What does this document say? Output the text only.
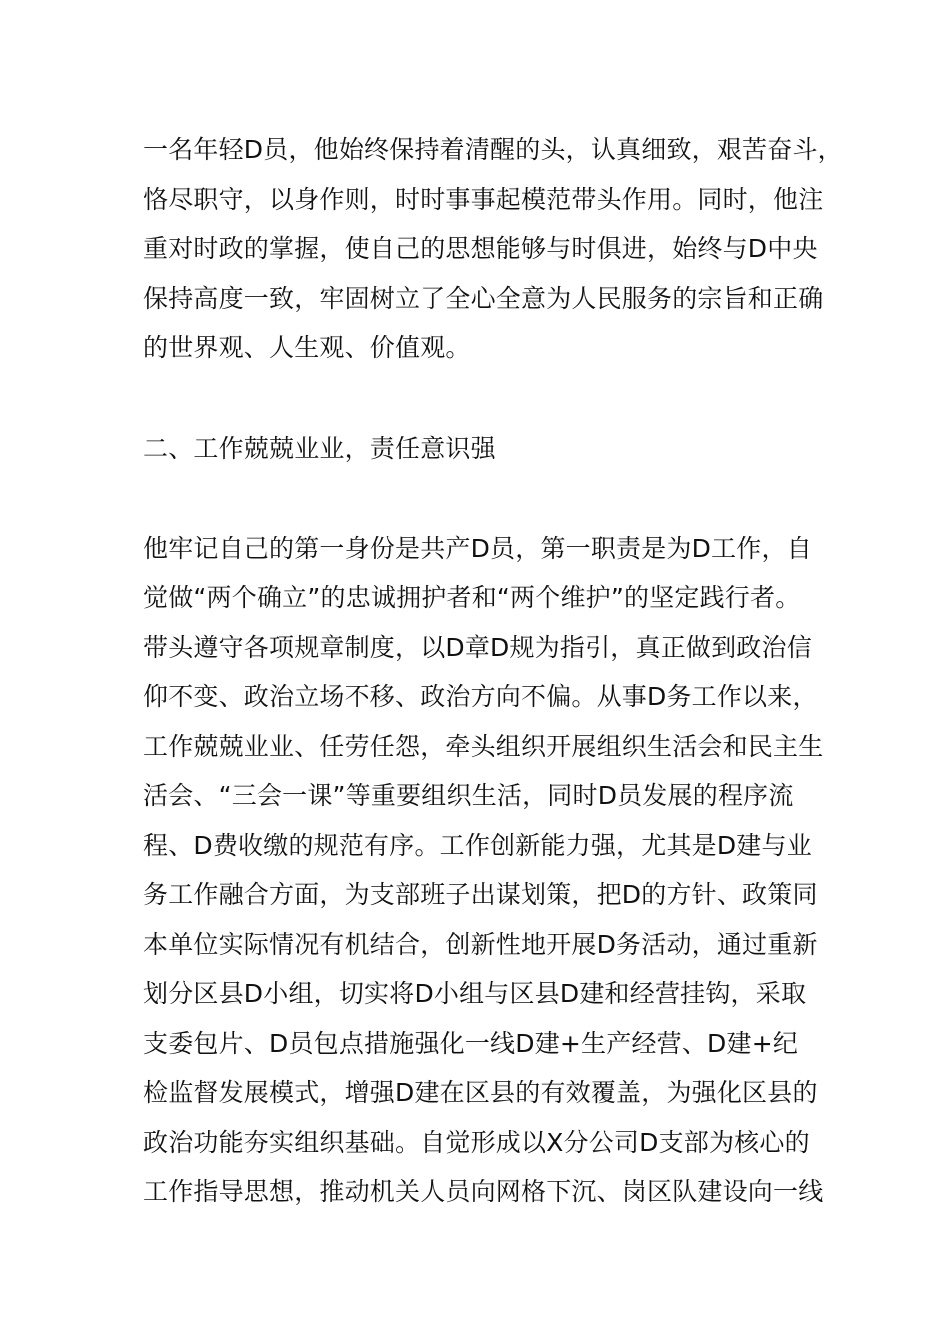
一名年轻D员，他始终保持着清醒的头，认真细致，艰苦奋斗，
恪尽职守，以身作则，时时事事起模范带头作用。同时，他注
重对时政的掌握，使自己的思想能够与时俱进，始终与D中央
保持高度一致，牢固树立了全心全意为人民服务的宗旨和正确
的世界观、人生观、价值观。
二、工作兢兢业业，责任意识强
他牢记自己的第一身份是共产D员，第一职责是为D工作，自
觉做“两个确立”的忠诚拥护者和“两个维护”的坚定践行者。
带头遵守各项规章制度，以D章D规为指引，真正做到政治信
仰不变、政治立场不移、政治方向不偏。从事D务工作以来，
工作兢兢业业、任劳任怨，牵头组织开展组织生活会和民主生
活会、“三会一课”等重要组织生活，同时D员发展的程序流
程、D费收缴的规范有序。工作创新能力强，尤其是D建与业
务工作融合方面，为支部班子出谋划策，把D的方针、政策同
本单位实际情况有机结合，创新性地开展D务活动，通过重新
划分区县D小组，切实将D小组与区县D建和经营挂钩，采取
支委包片、D员包点措施强化一线D建+生产经营、D建+纪
检监督发展模式，增强D建在区县的有效覆盖，为强化区县的
政治功能夯实组织基础。自觉形成以X分公司D支部为核心的
工作指导思想，推动机关人员向网格下沉、岗区队建设向一线
